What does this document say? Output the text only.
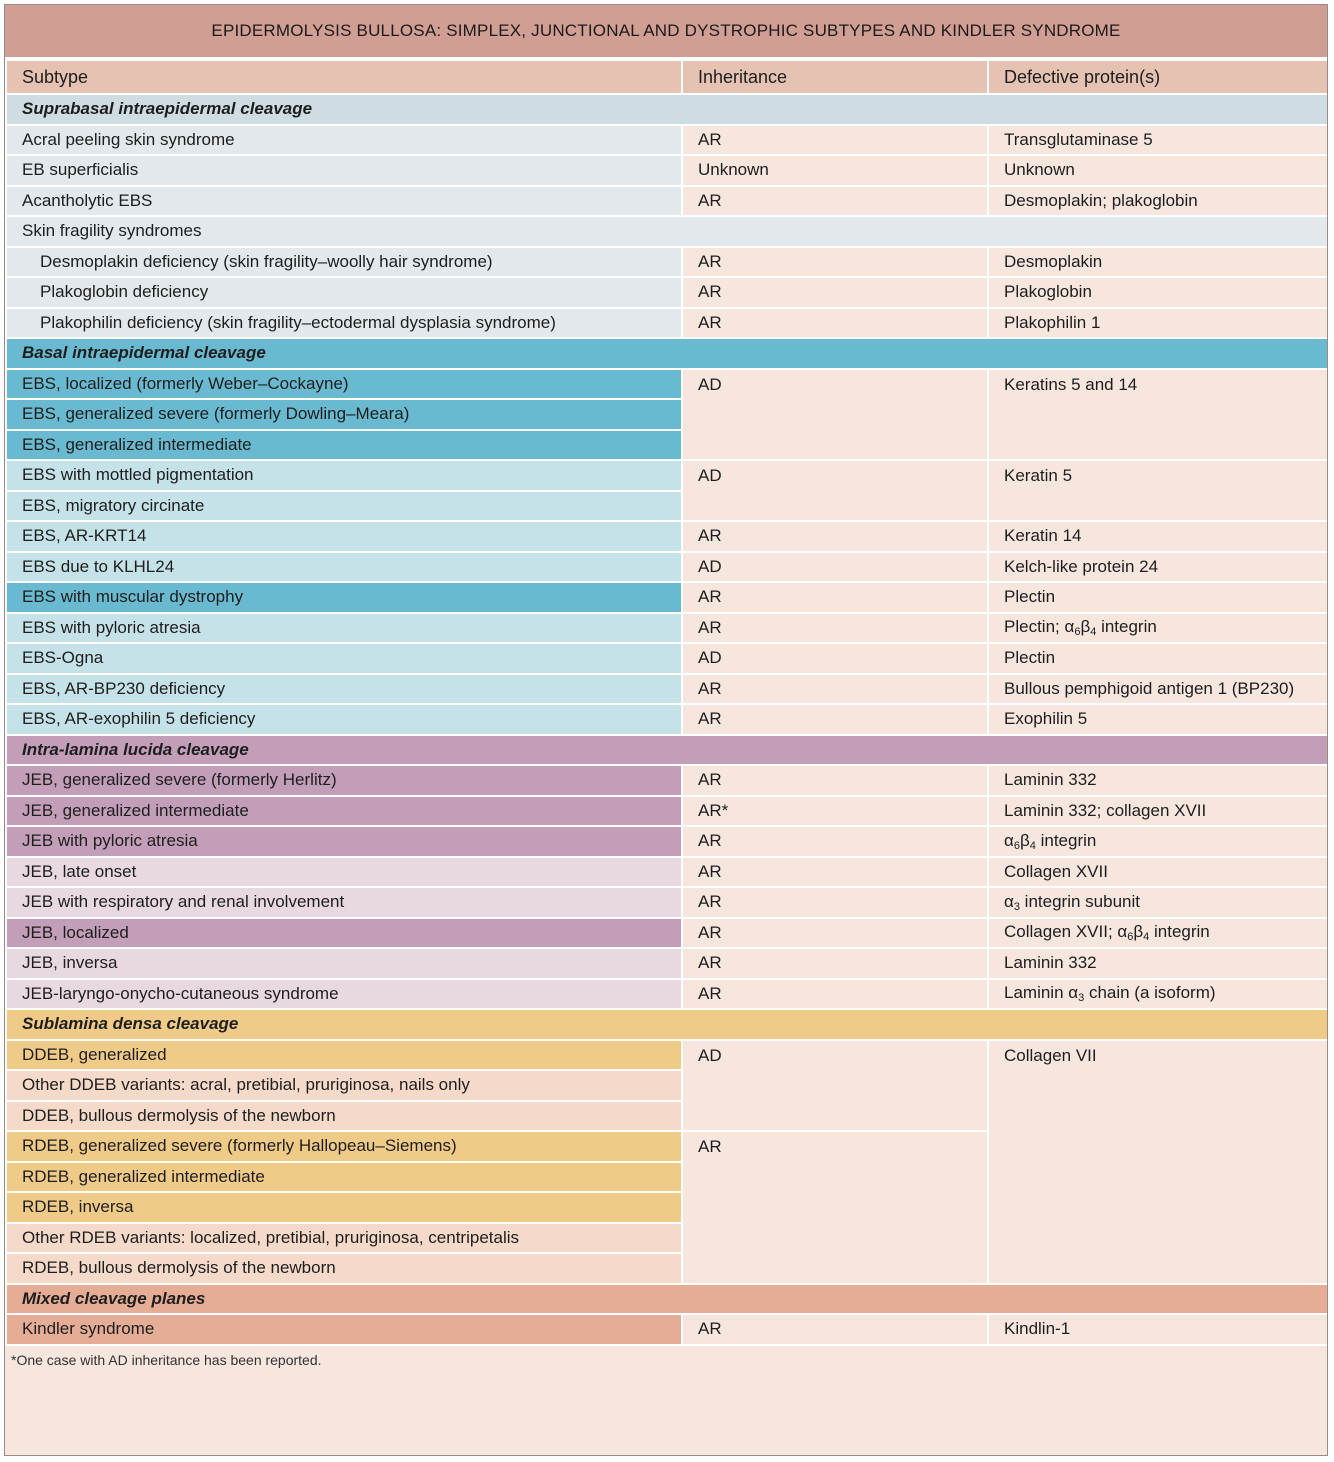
EPIDERMOLYSIS BULLOSA: SIMPLEX, JUNCTIONAL AND DYSTROPHIC SUBTYPES AND KINDLER SYNDROME
Subtype	Inheritance	Defective protein(s)
Suprabasal intraepidermal cleavage		
Acral peeling skin syndrome	AR	Transglutaminase 5
EB superficialis	Unknown	Unknown
Acantholytic EBS	AR	Desmoplakin; plakoglobin
Skin fragility syndromes		
Desmoplakin deficiency (skin fragility–woolly hair syndrome)	AR	Desmoplakin
Plakoglobin deficiency	AR	Plakoglobin
Plakophilin deficiency (skin fragility–ectodermal dysplasia syndrome)	AR	Plakophilin 1
Basal intraepidermal cleavage		
EBS, localized (formerly Weber–Cockayne)	AD	Keratins 5 and 14
EBS, generalized severe (formerly Dowling–Meara)		
EBS, generalized intermediate		
EBS with mottled pigmentation	AD	Keratin 5
EBS, migratory circinate		
EBS, AR-KRT14	AR	Keratin 14
EBS due to KLHL24	AD	Kelch-like protein 24
EBS with muscular dystrophy	AR	Plectin
EBS with pyloric atresia	AR	Plectin; $\alpha_6\beta_4$ integrin
EBS-Ogna	AD	Plectin
EBS, AR-BP230 deficiency	AR	Bullous pemphigoid antigen 1 (BP230)
EBS, AR-exophilin 5 deficiency	AR	Exophilin 5
Intra-lamina lucida cleavage		
JEB, generalized severe (formerly Herlitz)	AR	Laminin 332
JEB, generalized intermediate	AR*	Laminin 332; collagen XVII
JEB with pyloric atresia	AR	$\alpha_6\beta_4$ integrin
JEB, late onset	AR	Collagen XVII
JEB with respiratory and renal involvement	AR	$\alpha_3$ integrin subunit
JEB, localized	AR	Collagen XVII; $\alpha_6\beta_4$ integrin
JEB, inversa	AR	Laminin 332
JEB-laryngo-onycho-cutaneous syndrome	AR	Laminin $\alpha_3$ chain (a isoform)
Sublamina densa cleavage		
DDEB, generalized	AD	Collagen VII
Other DDEB variants: acral, pretibial, pruriginosa, nails only		
DDEB, bullous dermolysis of the newborn		
RDEB, generalized severe (formerly Hallopeau–Siemens)	AR	
RDEB, generalized intermediate		
RDEB, inversa		
Other RDEB variants: localized, pretibial, pruriginosa, centripetalis		
RDEB, bullous dermolysis of the newborn		
Mixed cleavage planes		
Kindler syndrome	AR	Kindlin-1
*One case with AD inheritance has been reported.
